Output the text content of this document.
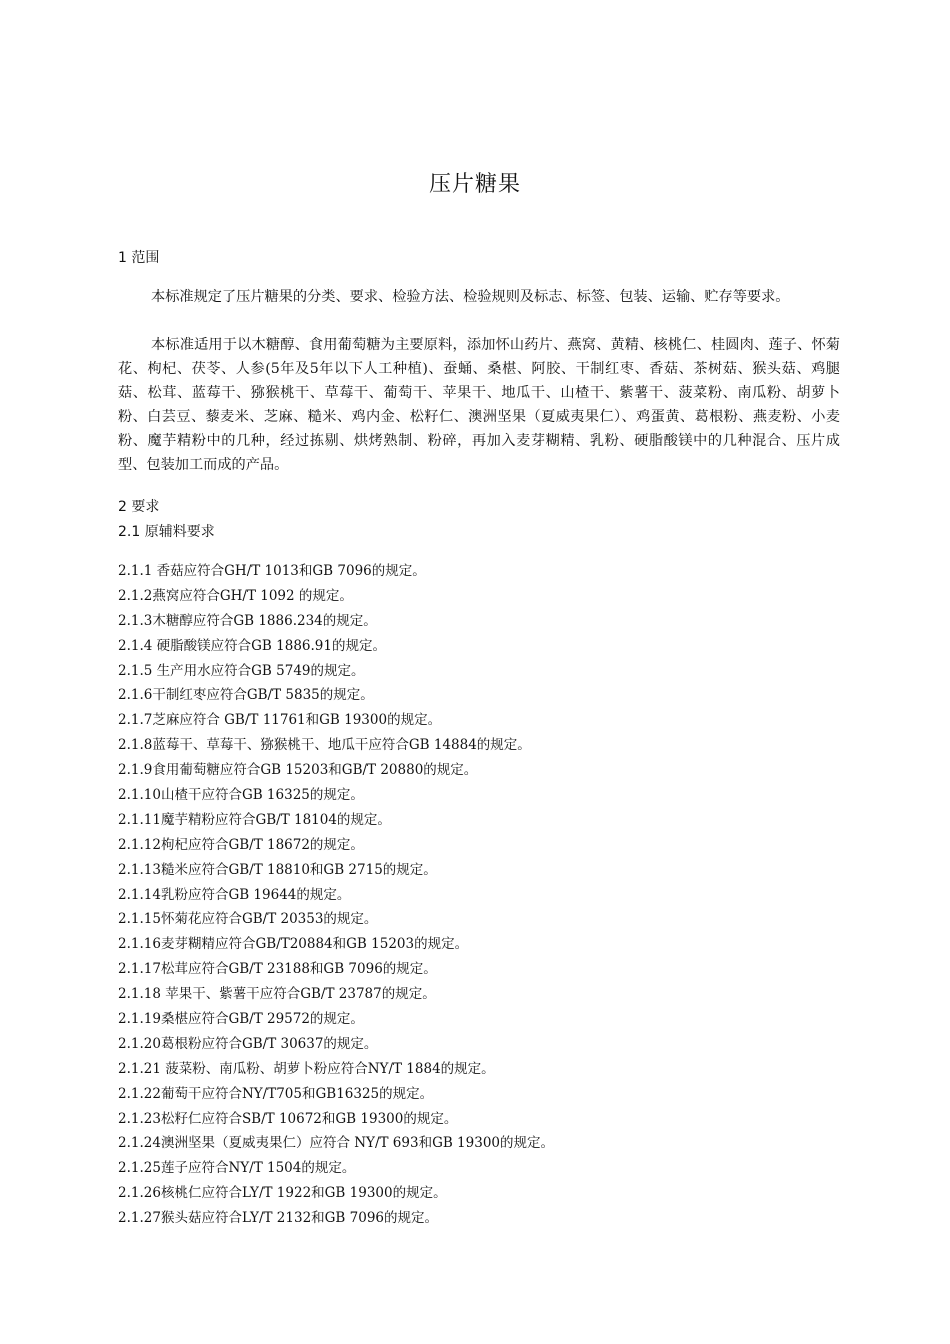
压片糖果
1 范围

本标准规定了压片糖果的分类、要求、检验方法、检验规则及标志、标签、包装、运输、贮存等要求。

本标准适用于以木糖醇、食用葡萄糖为主要原料，添加怀山药片、燕窝、黄精、核桃仁、桂圆肉、莲子、怀菊花、枸杞、茯苓、人参(5年及5年以下人工种植)、蚕蛹、桑椹、阿胶、干制红枣、香菇、茶树菇、猴头菇、鸡腿菇、松茸、蓝莓干、猕猴桃干、草莓干、葡萄干、苹果干、地瓜干、山楂干、紫薯干、菠菜粉、南瓜粉、胡萝卜粉、白芸豆、藜麦米、芝麻、糙米、鸡内金、松籽仁、澳洲坚果（夏威夷果仁）、鸡蛋黄、葛根粉、燕麦粉、小麦粉、魔芋精粉中的几种，经过拣剔、烘烤熟制、粉碎，再加入麦芽糊精、乳粉、硬脂酸镁中的几种混合、压片成型、包装加工而成的产品。

2 要求
2.1 原辅料要求
2.1.1 香菇应符合GH/T 1013和GB 7096的规定。
2.1.2燕窝应符合GH/T 1092 的规定。
2.1.3木糖醇应符合GB 1886.234的规定。
2.1.4 硬脂酸镁应符合GB 1886.91的规定。
2.1.5 生产用水应符合GB 5749的规定。
2.1.6干制红枣应符合GB/T 5835的规定。
2.1.7芝麻应符合 GB/T 11761和GB 19300的规定。
2.1.8蓝莓干、草莓干、猕猴桃干、地瓜干应符合GB 14884的规定。
2.1.9食用葡萄糖应符合GB 15203和GB/T 20880的规定。
2.1.10山楂干应符合GB 16325的规定。
2.1.11魔芋精粉应符合GB/T 18104的规定。
2.1.12枸杞应符合GB/T 18672的规定。
2.1.13糙米应符合GB/T 18810和GB 2715的规定。
2.1.14乳粉应符合GB 19644的规定。
2.1.15怀菊花应符合GB/T 20353的规定。
2.1.16麦芽糊精应符合GB/T20884和GB 15203的规定。
2.1.17松茸应符合GB/T 23188和GB 7096的规定。
2.1.18 苹果干、紫薯干应符合GB/T 23787的规定。
2.1.19桑椹应符合GB/T 29572的规定。
2.1.20葛根粉应符合GB/T 30637的规定。
2.1.21 菠菜粉、南瓜粉、胡萝卜粉应符合NY/T 1884的规定。
2.1.22葡萄干应符合NY/T705和GB16325的规定。
2.1.23松籽仁应符合SB/T 10672和GB 19300的规定。
2.1.24澳洲坚果（夏威夷果仁）应符合 NY/T 693和GB 19300的规定。
2.1.25莲子应符合NY/T 1504的规定。
2.1.26核桃仁应符合LY/T 1922和GB 19300的规定。
2.1.27猴头菇应符合LY/T 2132和GB 7096的规定。
